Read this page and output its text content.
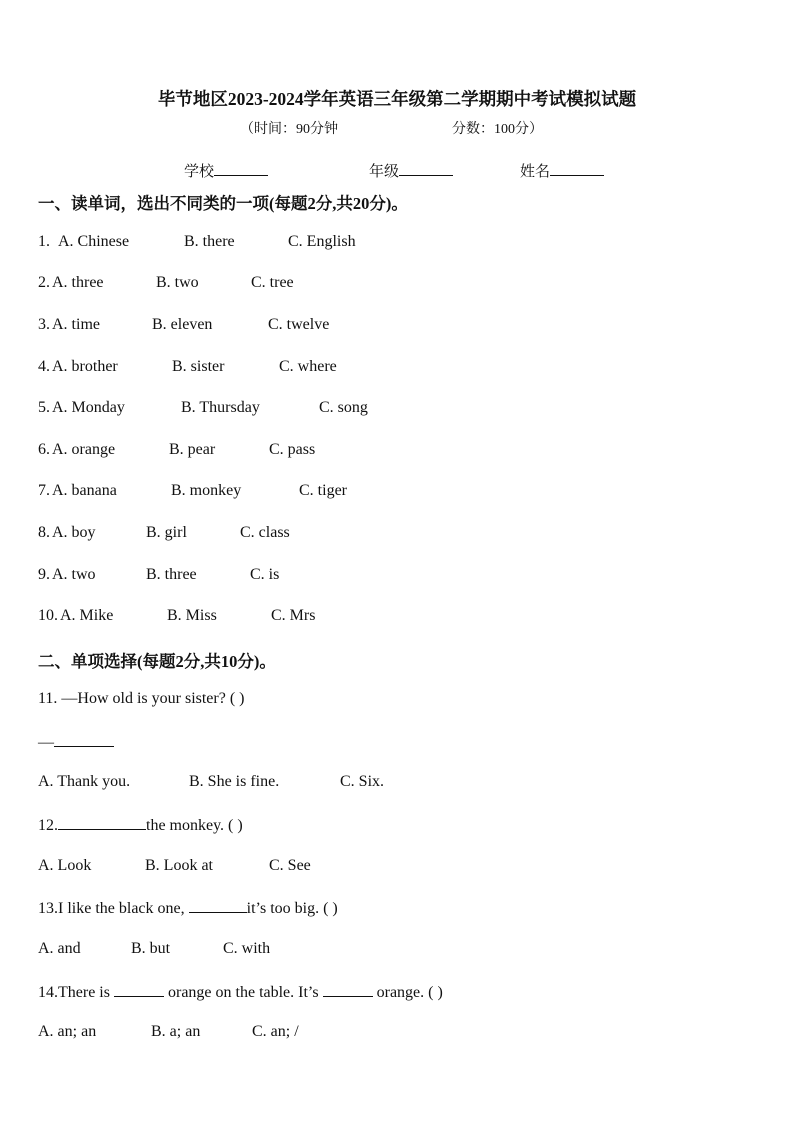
毕节地区2023-2024学年英语三年级第二学期期中考试模拟试题
（时间：90分钟	分数：100分）
学校	年级	姓名
一、读单词，选出不同类的一项(每题2分,共20分)。
1. A. Chinese	B. there	C. English
2. A. three	B. two	C. tree
3. A. time	B. eleven	C. twelve
4. A. brother	B. sister	C. where
5. A. Monday	B. Thursday	C. song
6. A. orange	B. pear	C. pass
7. A. banana	B. monkey	C. tiger
8. A. boy	B. girl	C. class
9. A. two	B. three	C. is
10. A. Mike	B. Miss	C. Mrs
二、单项选择(每题2分,共10分)。
11. —How old is your sister? ( )
—
A. Thank you.	B. She is fine.	C. Six.
12.	the monkey. ( )
A. Look	B. Look at	C. See
13.I like the black one,	it’s too big. ( )
A. and	B. but	C. with
14.There is	orange on the table. It’s	orange. ( )
A. an; an	B. a; an	C. an; /
